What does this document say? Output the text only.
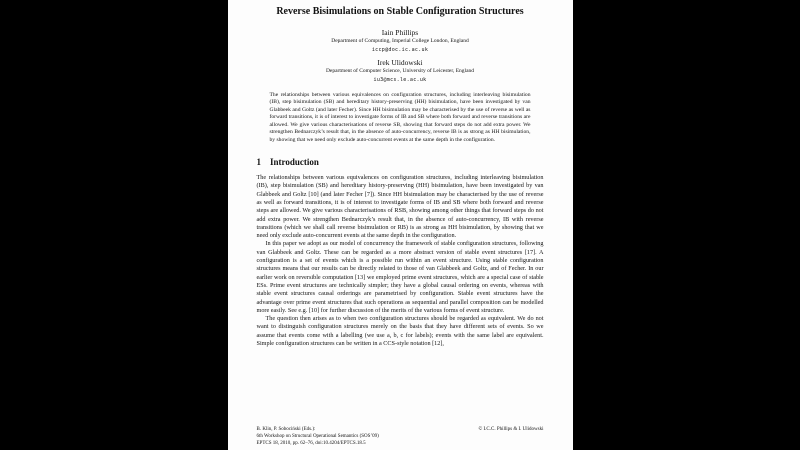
Reverse Bisimulations on Stable Configuration Structures
Iain Phillips
Department of Computing, Imperial College London, England
iccp@doc.ic.ac.uk
Irek Ulidowski
Department of Computer Science, University of Leicester, England
iu3@mcs.le.ac.uk
The relationships between various equivalences on configuration structures, including interleaving bisimulation (IB), step bisimulation (SB) and hereditary history-preserving (HH) bisimulation, have been investigated by van Glabbeek and Goltz (and later Fecher). Since HH bisimulation may be characterised by the use of reverse as well as forward transitions, it is of interest to investigate forms of IB and SB where both forward and reverse transitions are allowed. We give various characterisations of reverse SB, showing that forward steps do not add extra power. We strengthen Bednarczyk’s result that, in the absence of auto-concurrency, reverse IB is as strong as HH bisimulation, by showing that we need only exclude auto-concurrent events at the same depth in the configuration.
1 Introduction

The relationships between various equivalences on configuration structures, including interleaving bisimulation (IB), step bisimulation (SB) and hereditary history-preserving (HH) bisimulation, have been investigated by van Glabbeek and Goltz [10] (and later Fecher [7]). Since HH bisimulation may be characterised by the use of reverse as well as forward transitions, it is of interest to investigate forms of IB and SB where both forward and reverse steps are allowed. We give various characterisations of RSB, showing among other things that forward steps do not add extra power. We strengthen Bednarczyk’s result that, in the absence of auto-concurrency, IB with reverse transitions (which we shall call reverse bisimulation or RB) is as strong as HH bisimulation, by showing that we need only exclude auto-concurrent events at the same depth in the configuration.

In this paper we adopt as our model of concurrency the framework of stable configuration structures, following van Glabbeek and Goltz. These can be regarded as a more abstract version of stable event structures [17]. A configuration is a set of events which is a possible run within an event structure. Using stable configuration structures means that our results can be directly related to those of van Glabbeek and Goltz, and of Fecher. In our earlier work on reversible computation [13] we employed prime event structures, which are a special case of stable ESs. Prime event structures are technically simpler; they have a global causal ordering on events, whereas with stable event structures causal orderings are parametrised by configuration. Stable event structures have the advantage over prime event structures that such operations as sequential and parallel composition can be modelled more easily. See e.g. [10] for further discussion of the merits of the various forms of event structure.

The question then arises as to when two configuration structures should be regarded as equivalent. We do not want to distinguish configuration structures merely on the basis that they have different sets of events. So we assume that events come with a labelling (we use a, b, c for labels); events with the same label are equivalent. Simple configuration structures can be written in a CCS-style notation [12],

B. Klin, P. Sobociński (Eds.):
6th Workshop on Structural Operational Semantics (SOS’09)
EPTCS 18, 2010, pp. 62–76, doi:10.4204/EPTCS.18.5
© I.C.C. Phillips & I. Ulidowski
